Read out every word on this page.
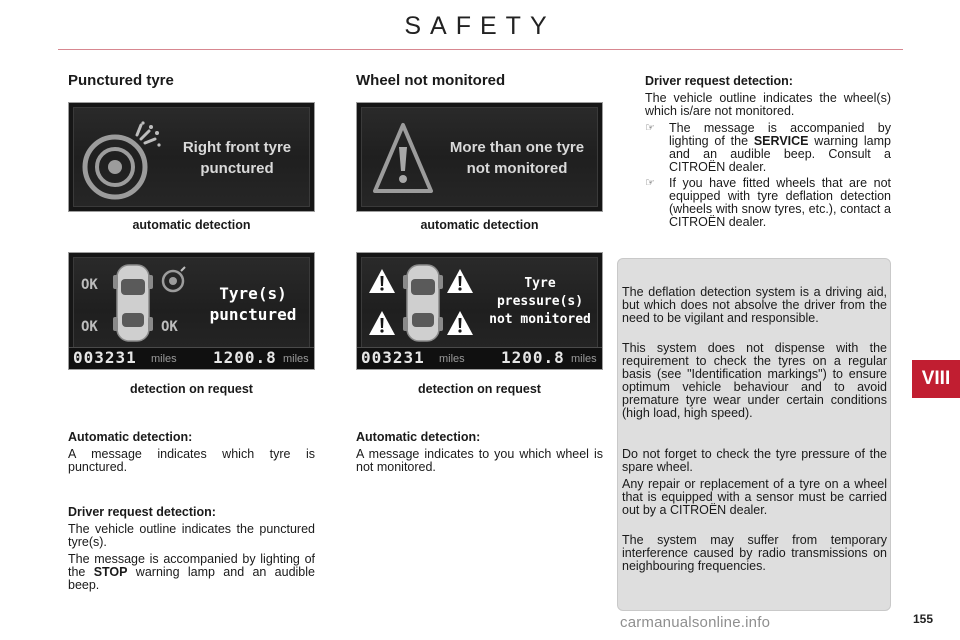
SAFETY
VIII
Punctured tyre
Right front tyre
punctured
automatic detection
OK
OK	OK
Tyre(s)
punctured
003231 miles 1200.8 miles
detection on request
Automatic detection:
A message indicates which tyre is punctured.
Driver request detection:
The vehicle outline indicates the punctured tyre(s).
The message is accompanied by lighting of the STOP warning lamp and an audible beep.
Wheel not monitored
More than one tyre
not monitored
automatic detection
Tyre
pressure(s)
not monitored
003231 miles 1200.8 miles
detection on request
Automatic detection:
A message indicates to you which wheel is not monitored.
Driver request detection:
The vehicle outline indicates the wheel(s) which is/are not monitored.
☞ The message is accompanied by lighting of the SERVICE warning lamp and an audible beep. Consult a CITROËN dealer.
☞ If you have fitted wheels that are not equipped with tyre deflation detection (wheels with snow tyres, etc.), contact a CITROËN dealer.
The deflation detection system is a driving aid, but which does not absolve the driver from the need to be vigilant and responsible.
This system does not dispense with the requirement to check the tyres on a regular basis (see "Identification markings") to ensure optimum vehicle behaviour and to avoid premature tyre wear under certain conditions (high load, high speed).
Do not forget to check the tyre pressure of the spare wheel.
Any repair or replacement of a tyre on a wheel that is equipped with a sensor must be carried out by a CITROËN dealer.
The system may suffer from temporary interference caused by radio transmissions on neighbouring frequencies.
carmanualsonline.info	155
